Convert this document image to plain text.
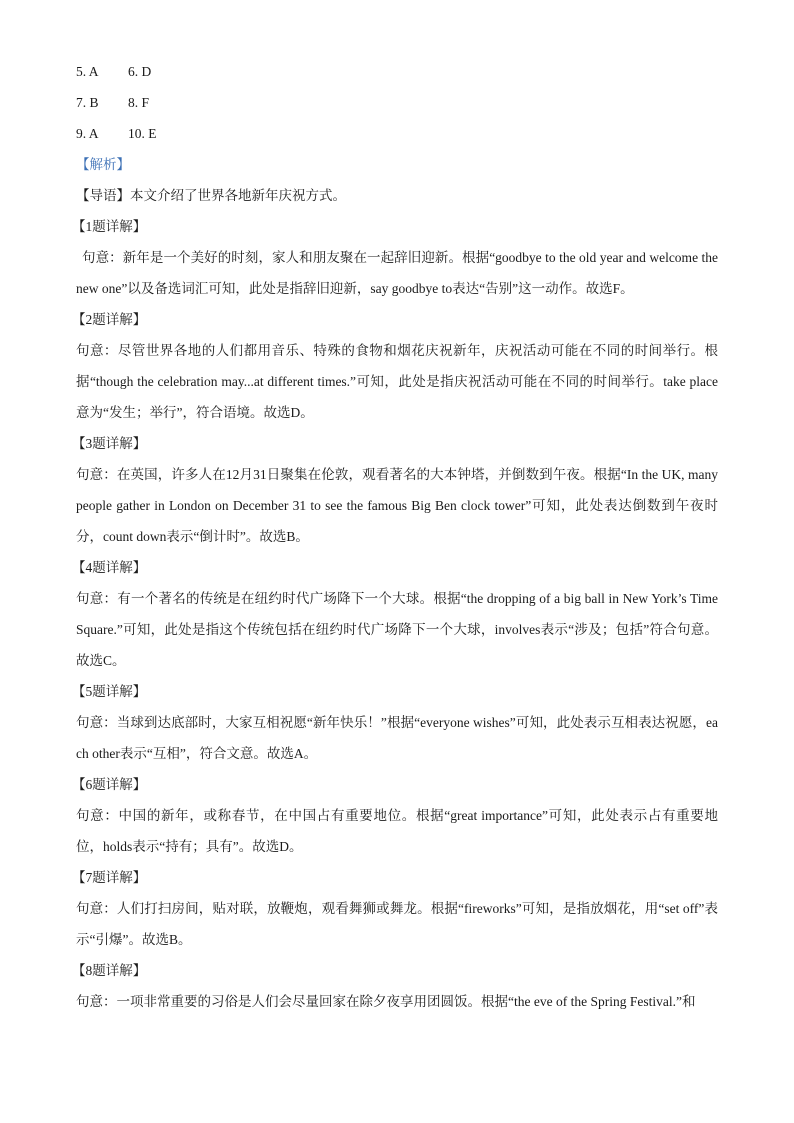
5. A	6. D
7. B	8. F
9. A	10. E
【解析】

【导语】本文介绍了世界各地新年庆祝方式。

【1题详解】

句意：新年是一个美好的时刻，家人和朋友聚在一起辞旧迎新。根据“goodbye to the old year and welcome the new one”以及备选词汇可知，此处是指辞旧迎新，say goodbye to表达“告别”这一动作。故选F。

【2题详解】

句意：尽管世界各地的人们都用音乐、特殊的食物和烟花庆祝新年，庆祝活动可能在不同的时间举行。根据“though the celebration may...at different times.”可知，此处是指庆祝活动可能在不同的时间举行。take place意为“发生；举行”，符合语境。故选D。

【3题详解】

句意：在英国，许多人在12月31日聚集在伦敦，观看著名的大本钟塔，并倒数到午夜。根据“In the UK, many people gather in London on December 31 to see the famous Big Ben clock tower”可知，此处表达倒数到午夜时分，count down表示“倒计时”。故选B。

【4题详解】

句意：有一个著名的传统是在纽约时代广场降下一个大球。根据“the dropping of a big ball in New York’s Time Square.”可知，此处是指这个传统包括在纽约时代广场降下一个大球，involves表示“涉及；包括”符合句意。故选C。

【5题详解】

句意：当球到达底部时，大家互相祝愿“新年快乐！”根据“everyone wishes”可知，此处表示互相表达祝愿，each other表示“互相”，符合文意。故选A。

【6题详解】

句意：中国的新年，或称春节，在中国占有重要地位。根据“great importance”可知，此处表示占有重要地位，holds表示“持有；具有”。故选D。

【7题详解】

句意：人们打扫房间，贴对联，放鞭炮，观看舞狮或舞龙。根据“fireworks”可知，是指放烟花，用“set off”表示“引爆”。故选B。

【8题详解】

句意：一项非常重要的习俗是人们会尽量回家在除夕夜享用团圆饭。根据“the eve of the Spring Festival.”和
